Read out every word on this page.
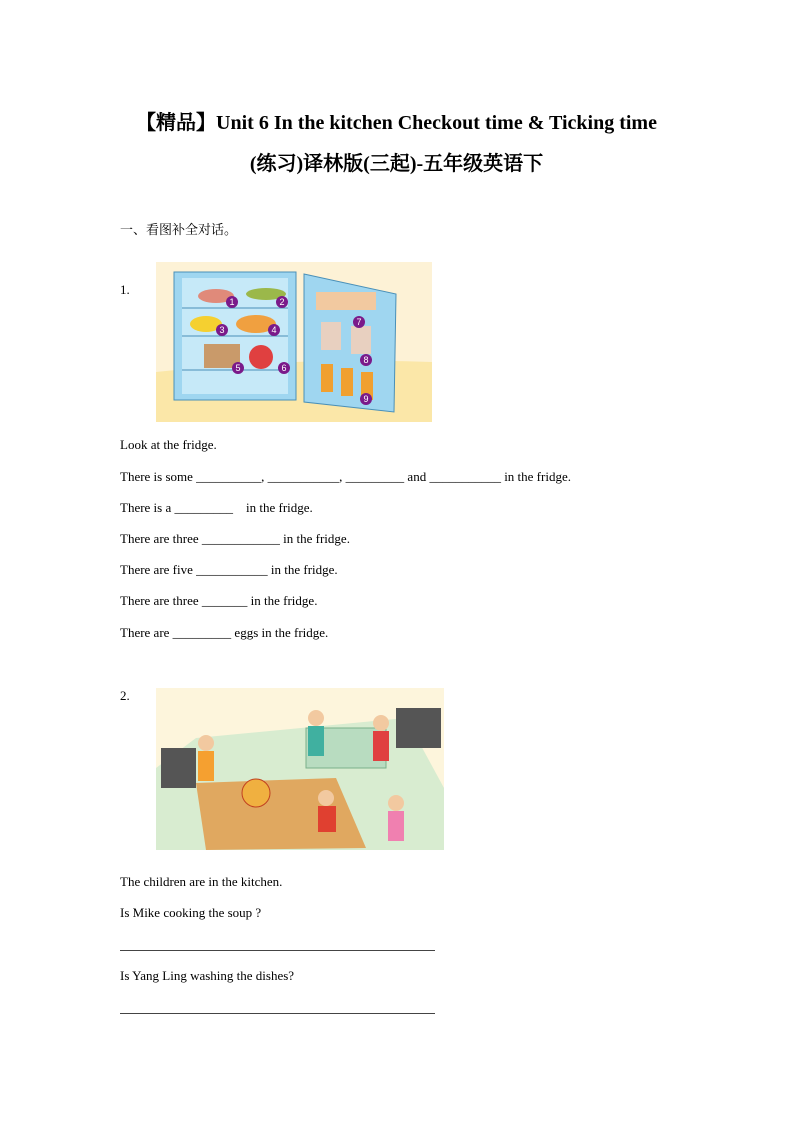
【精品】Unit 6 In the kitchen Checkout time & Ticking time
(练习)译林版(三起)-五年级英语下
一、看图补全对话。
1.
1	2
3	4
5	6
7
8
9
Look at the fridge.
There is some __________, ___________, _________ and ___________ in the fridge.
There is a _________    in the fridge.
There are three ____________ in the fridge.
There are five ___________ in the fridge.
There are three _______ in the fridge.
There are _________ eggs in the fridge.
2.
The children are in the kitchen.
Is Mike cooking the soup ?
Is Yang Ling washing the dishes?
